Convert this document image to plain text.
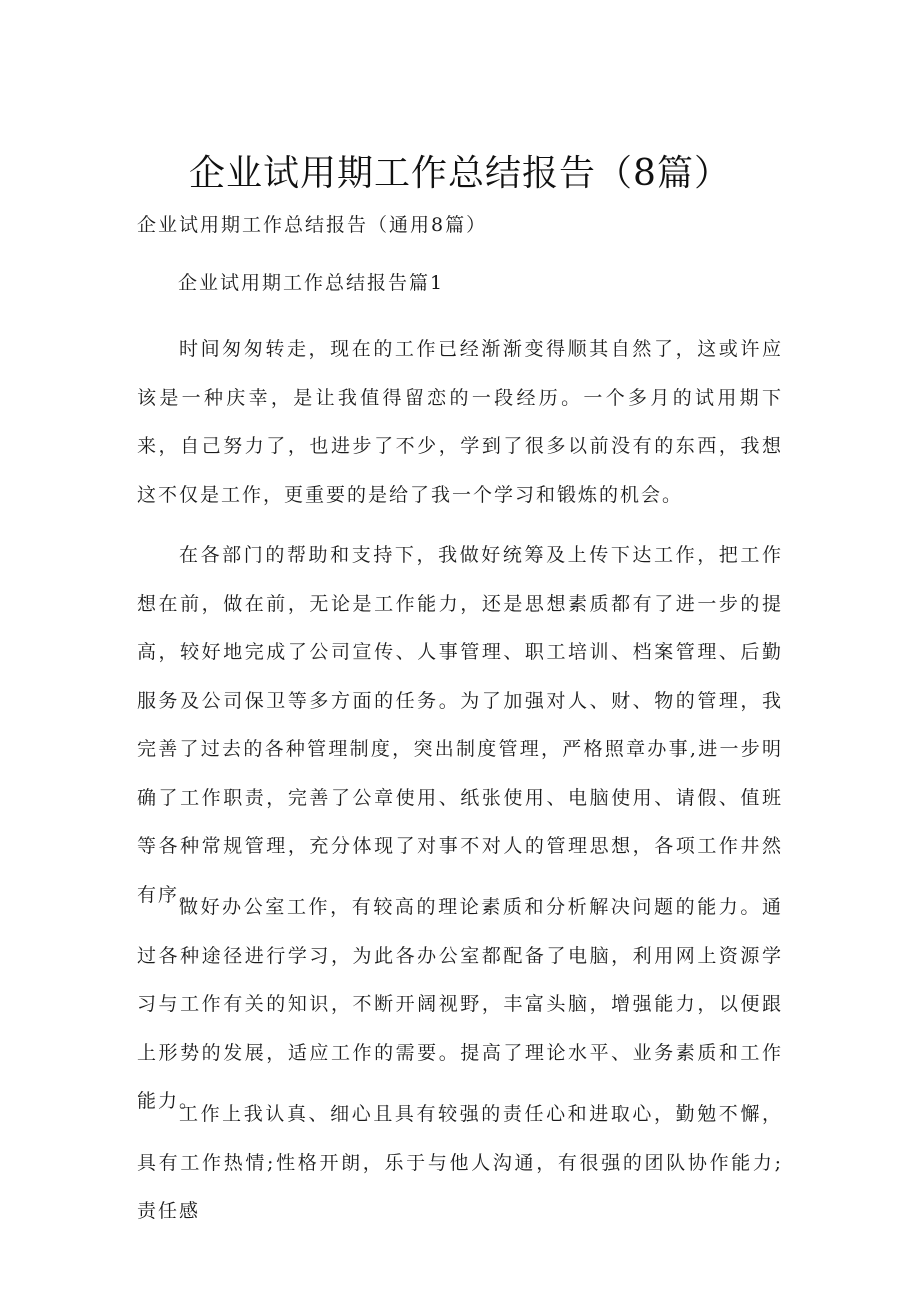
企业试用期工作总结报告（8篇）
企业试用期工作总结报告（通用8篇）
企业试用期工作总结报告篇1

时间匆匆转走，现在的工作已经渐渐变得顺其自然了，这或许应该是一种庆幸，是让我值得留恋的一段经历。一个多月的试用期下来，自己努力了，也进步了不少，学到了很多以前没有的东西，我想这不仅是工作，更重要的是给了我一个学习和锻炼的机会。

在各部门的帮助和支持下，我做好统筹及上传下达工作，把工作想在前，做在前，无论是工作能力，还是思想素质都有了进一步的提高，较好地完成了公司宣传、人事管理、职工培训、档案管理、后勤服务及公司保卫等多方面的任务。为了加强对人、财、物的管理，我完善了过去的各种管理制度，突出制度管理，严格照章办事,进一步明确了工作职责，完善了公章使用、纸张使用、电脑使用、请假、值班等各种常规管理，充分体现了对事不对人的管理思想，各项工作井然有序。

做好办公室工作，有较高的理论素质和分析解决问题的能力。通过各种途径进行学习，为此各办公室都配备了电脑，利用网上资源学习与工作有关的知识，不断开阔视野，丰富头脑，增强能力，以便跟上形势的发展，适应工作的需要。提高了理论水平、业务素质和工作能力。

工作上我认真、细心且具有较强的责任心和进取心，勤勉不懈，具有工作热情;性格开朗，乐于与他人沟通，有很强的团队协作能力;责任感
